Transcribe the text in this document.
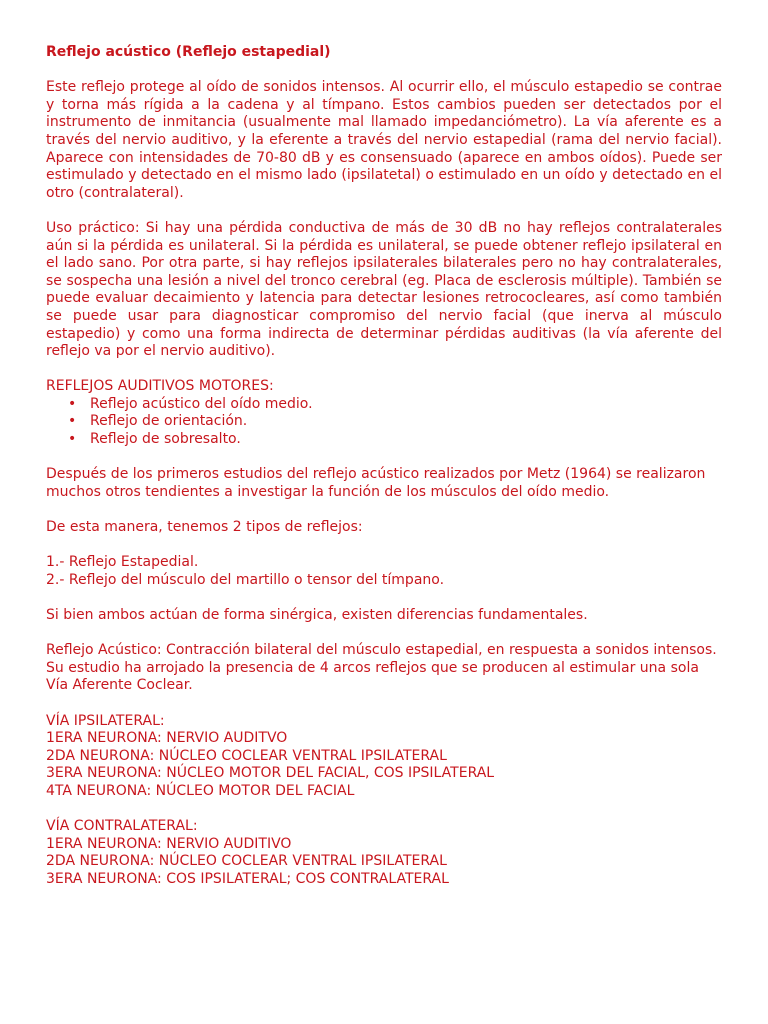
Reflejo acústico (Reflejo estapedial)

Este reflejo protege al oído de sonidos intensos. Al ocurrir ello, el músculo estapedio se contrae y torna más rígida a la cadena y al tímpano. Estos cambios pueden ser detectados por el instrumento de inmitancia (usualmente mal llamado impedanciómetro). La vía aferente es a través del nervio auditivo, y la eferente a través del nervio estapedial (rama del nervio facial). Aparece con intensidades de 70-80 dB y es consensuado (aparece en ambos oídos). Puede ser estimulado y detectado en el mismo lado (ipsilatetal) o estimulado en un oído y detectado en el otro (contralateral).

Uso práctico: Si hay una pérdida conductiva de más de 30 dB no hay reflejos contralaterales aún si la pérdida es unilateral. Si la pérdida es unilateral, se puede obtener reflejo ipsilateral en el lado sano. Por otra parte, si hay reflejos ipsilaterales bilaterales pero no hay contralaterales, se sospecha una lesión a nivel del tronco cerebral (eg. Placa de esclerosis múltiple). También se puede evaluar decaimiento y latencia para detectar lesiones retrococleares, así como también se puede usar para diagnosticar compromiso del nervio facial (que inerva al músculo estapedio) y como una forma indirecta de determinar pérdidas auditivas (la vía aferente del reflejo va por el nervio auditivo).

REFLEJOS AUDITIVOS MOTORES:

• Reflejo acústico del oído medio.
• Reflejo de orientación.
• Reflejo de sobresalto.

Después de los primeros estudios del reflejo acústico realizados por Metz (1964) se realizaron muchos otros tendientes a investigar la función de los músculos del oído medio.

De esta manera, tenemos 2 tipos de reflejos:

1.- Reflejo Estapedial.

2.- Reflejo del músculo del martillo o tensor del tímpano.

Si bien ambos actúan de forma sinérgica, existen diferencias fundamentales.

Reflejo Acústico: Contracción bilateral del músculo estapedial, en respuesta a sonidos intensos. Su estudio ha arrojado la presencia de 4 arcos reflejos que se producen al estimular una sola Vía Aferente Coclear.

VÍA IPSILATERAL:

1ERA NEURONA: NERVIO AUDITVO

2DA NEURONA: NÚCLEO COCLEAR VENTRAL IPSILATERAL

3ERA NEURONA: NÚCLEO MOTOR DEL FACIAL, COS IPSILATERAL

4TA NEURONA: NÚCLEO MOTOR DEL FACIAL

VÍA CONTRALATERAL:

1ERA NEURONA: NERVIO AUDITIVO

2DA NEURONA: NÚCLEO COCLEAR VENTRAL IPSILATERAL

3ERA NEURONA: COS IPSILATERAL; COS CONTRALATERAL
